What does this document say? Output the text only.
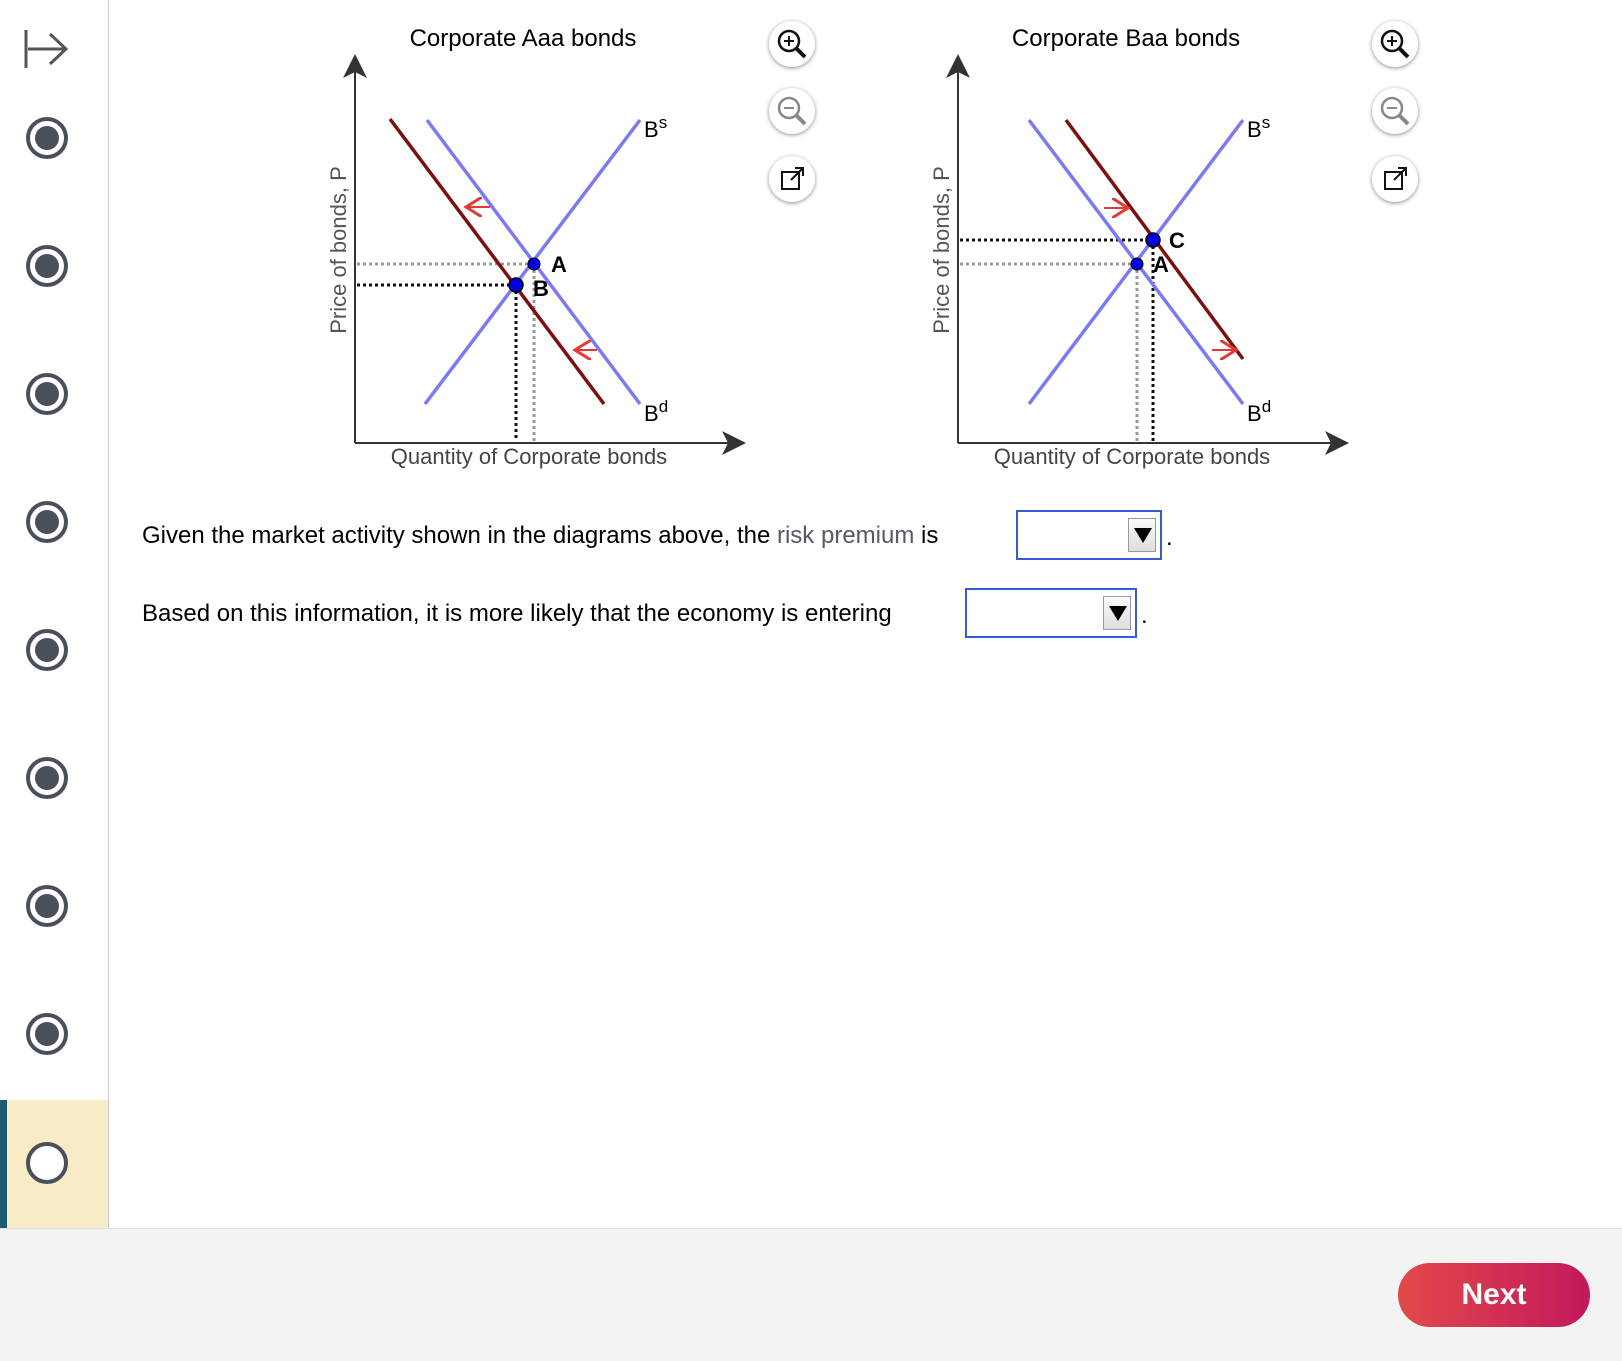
Corporate Aaa bonds
Price of bonds, P
Quantity of Corporate bonds
A
B
$B^s$
$B^d$
Corporate Baa bonds
Price of bonds, P
Quantity of Corporate bonds
C
A
$B^s$
$B^d$
Given the market activity shown in the diagrams above, the risk premium is	.
Based on this information, it is more likely that the economy is entering	.
Next
